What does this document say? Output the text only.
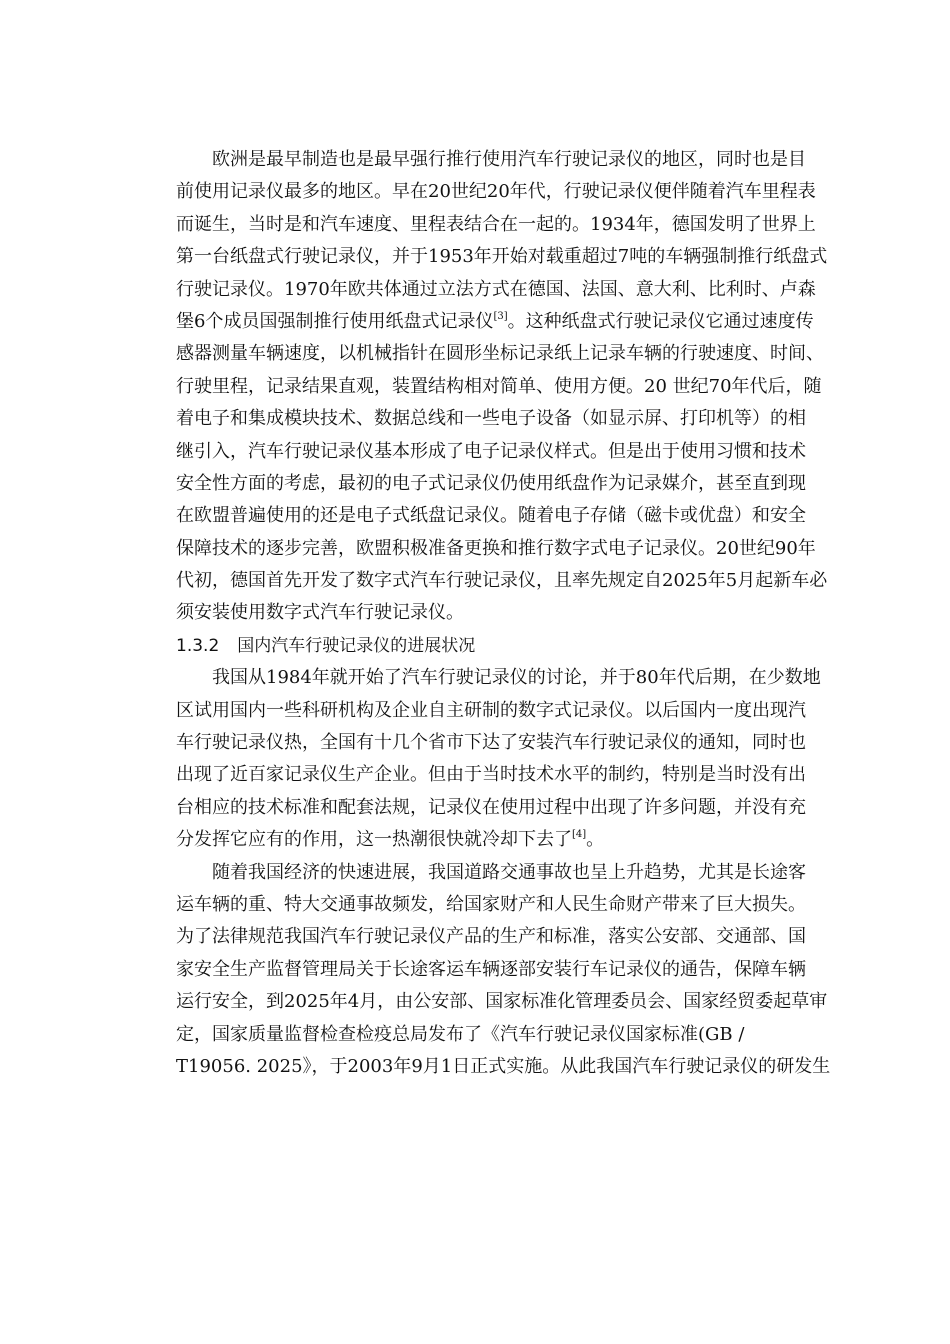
欧洲是最早制造也是最早强行推行使用汽车行驶记录仪的地区，同时也是目
前使用记录仪最多的地区。早在20世纪20年代，行驶记录仪便伴随着汽车里程表
而诞生，当时是和汽车速度、里程表结合在一起的。1934年，德国发明了世界上
第一台纸盘式行驶记录仪，并于1953年开始对载重超过7吨的车辆强制推行纸盘式
行驶记录仪。1970年欧共体通过立法方式在德国、法国、意大利、比利时、卢森
堡6个成员国强制推行使用纸盘式记录仪[3]。这种纸盘式行驶记录仪它通过速度传
感器测量车辆速度，以机械指针在圆形坐标记录纸上记录车辆的行驶速度、时间、
行驶里程，记录结果直观，装置结构相对简单、使用方便。20 世纪70年代后，随
着电子和集成模块技术、数据总线和一些电子设备（如显示屏、打印机等）的相
继引入，汽车行驶记录仪基本形成了电子记录仪样式。但是出于使用习惯和技术
安全性方面的考虑，最初的电子式记录仪仍使用纸盘作为记录媒介，甚至直到现
在欧盟普遍使用的还是电子式纸盘记录仪。随着电子存储（磁卡或优盘）和安全
保障技术的逐步完善，欧盟积极准备更换和推行数字式电子记录仪。20世纪90年
代初，德国首先开发了数字式汽车行驶记录仪，且率先规定自2025年5月起新车必
须安装使用数字式汽车行驶记录仪。
1.3.2 国内汽车行驶记录仪的进展状况
我国从1984年就开始了汽车行驶记录仪的讨论，并于80年代后期，在少数地
区试用国内一些科研机构及企业自主研制的数字式记录仪。以后国内一度出现汽
车行驶记录仪热，全国有十几个省市下达了安装汽车行驶记录仪的通知，同时也
出现了近百家记录仪生产企业。但由于当时技术水平的制约，特别是当时没有出
台相应的技术标准和配套法规，记录仪在使用过程中出现了许多问题，并没有充
分发挥它应有的作用，这一热潮很快就冷却下去了[4]。
随着我国经济的快速进展，我国道路交通事故也呈上升趋势，尤其是长途客
运车辆的重、特大交通事故频发，给国家财产和人民生命财产带来了巨大损失。
为了法律规范我国汽车行驶记录仪产品的生产和标准，落实公安部、交通部、国
家安全生产监督管理局关于长途客运车辆逐部安装行车记录仪的通告，保障车辆
运行安全，到2025年4月，由公安部、国家标准化管理委员会、国家经贸委起草审
定，国家质量监督检查检疫总局发布了《汽车行驶记录仪国家标准(GB /
T19056. 2025》，于2003年9月1日正式实施。从此我国汽车行驶记录仪的研发生
